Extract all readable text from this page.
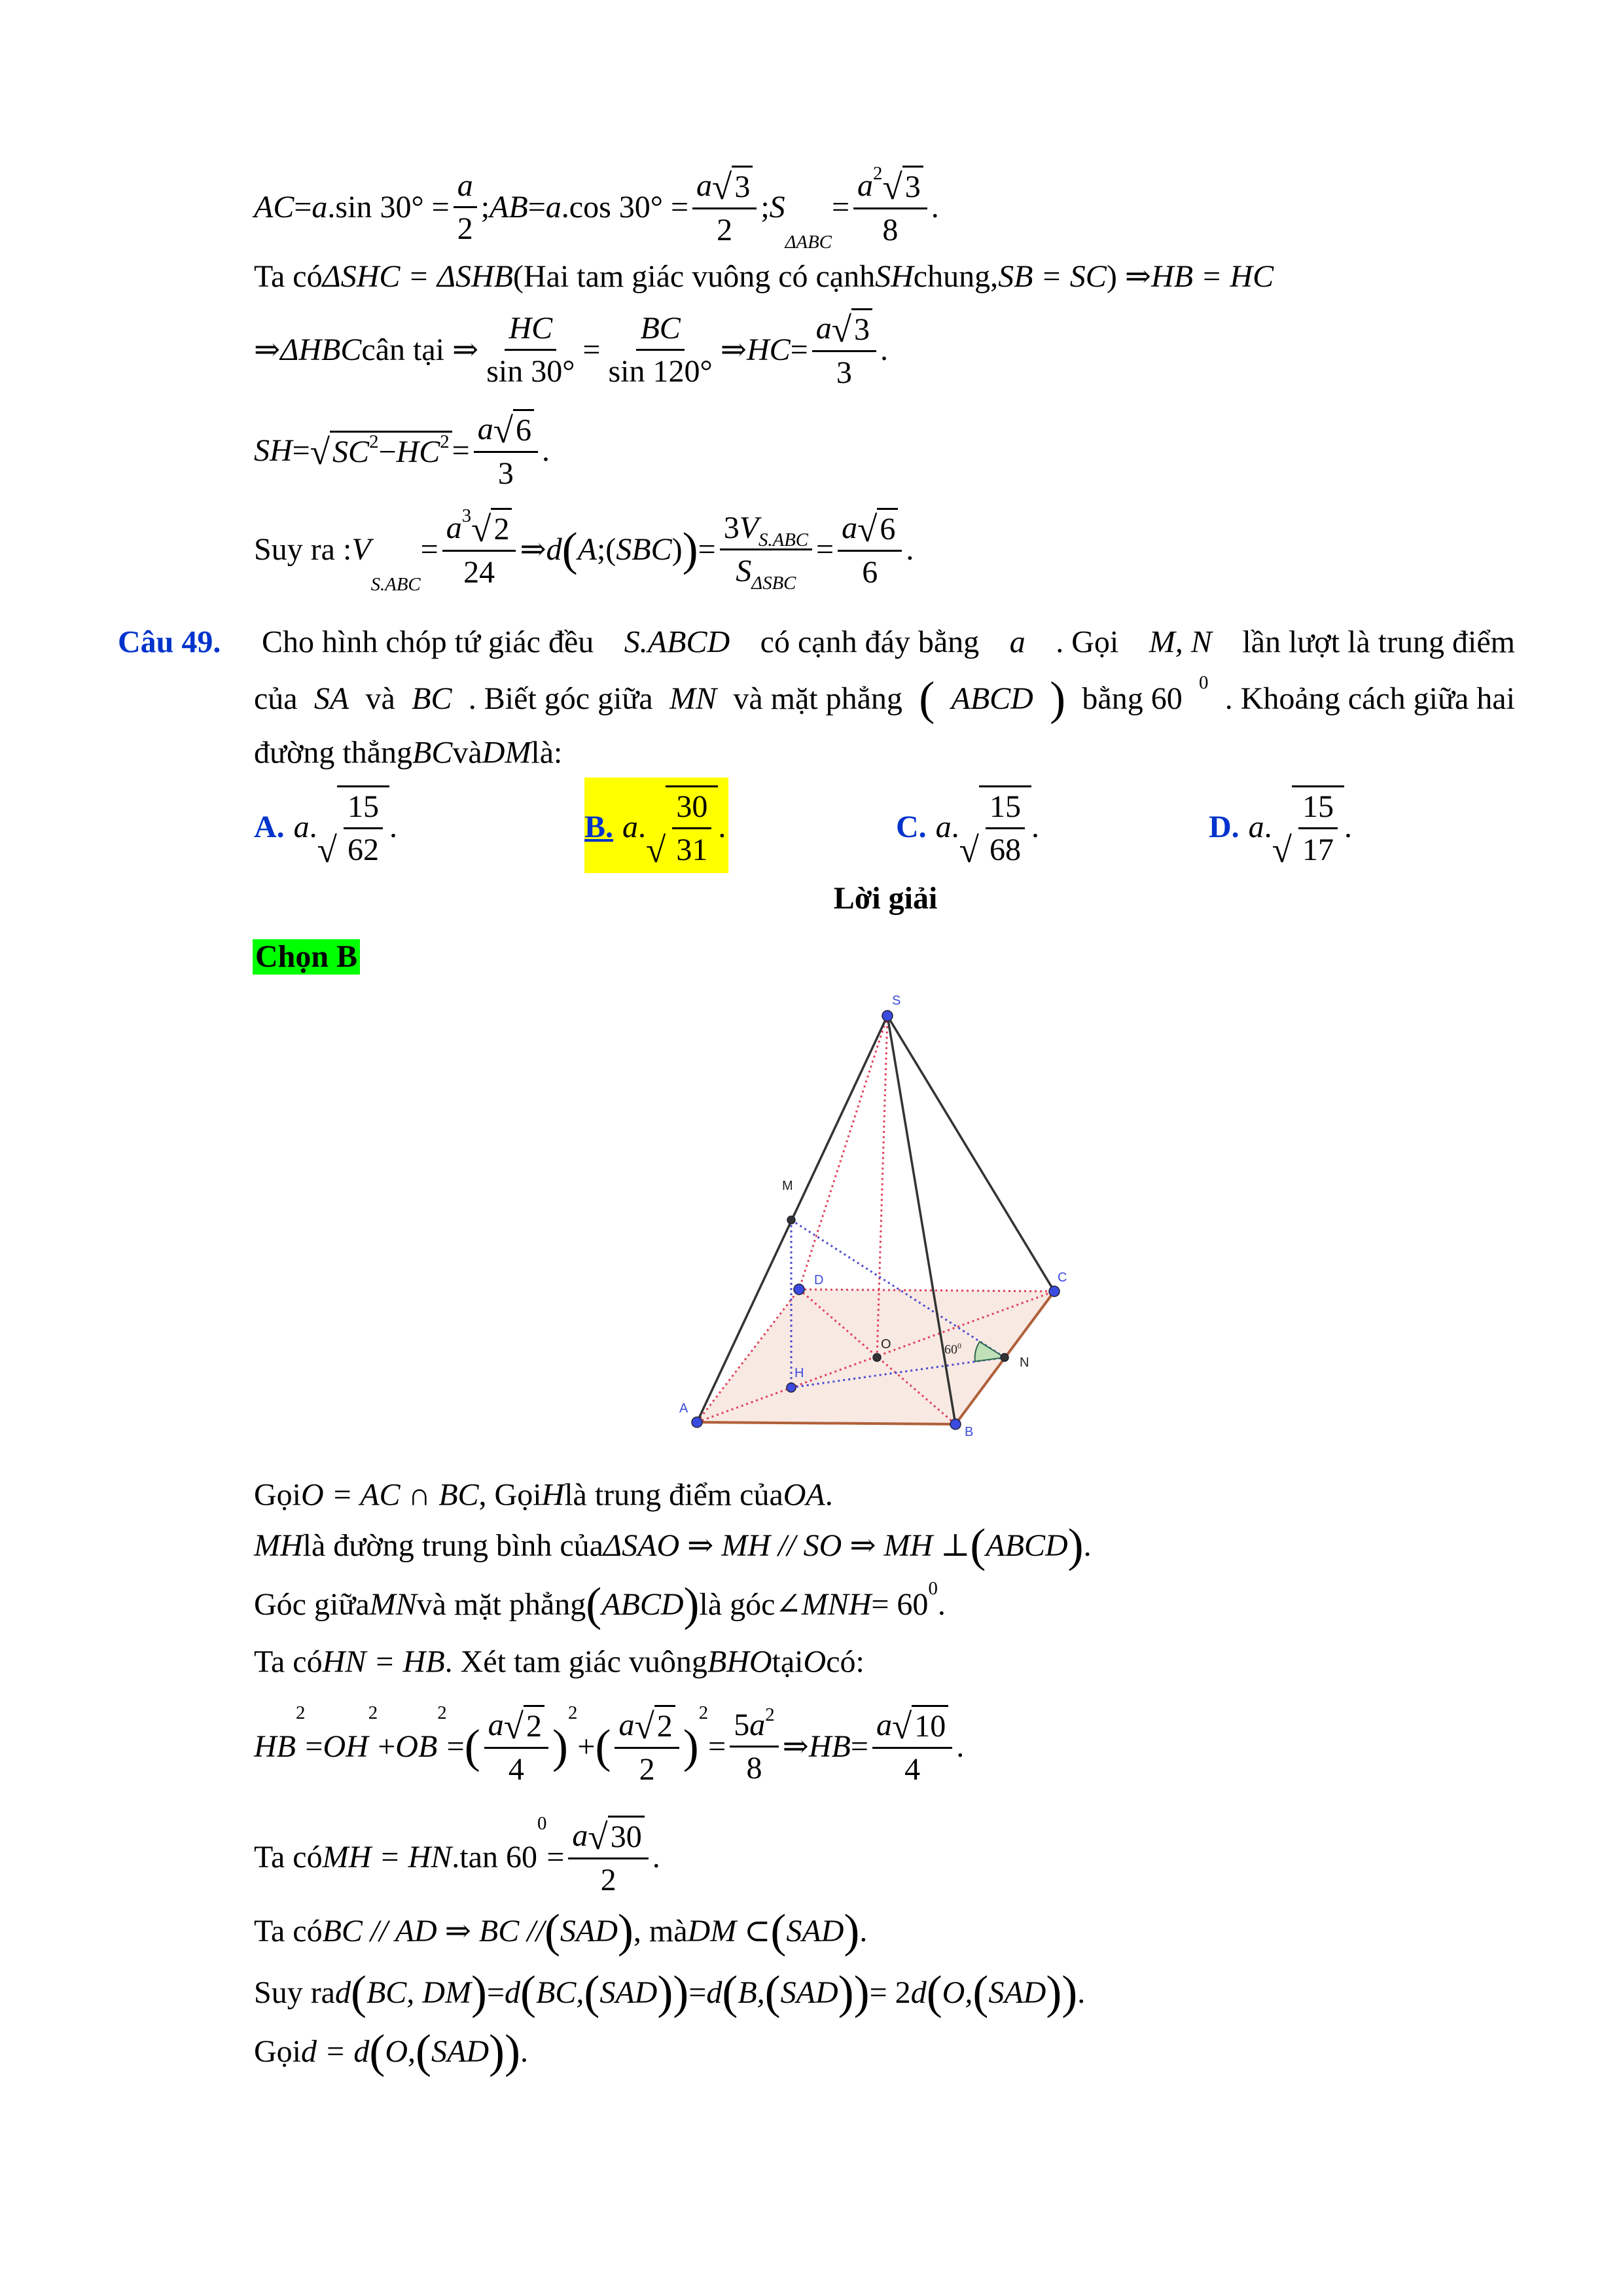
AC = a .sin $30^\circ = \frac{a}{2}$ ; AB = a .cos $30^\circ = \frac{a √ 3}{2}$ ; S
ΔABC
= $\frac{a 2 √ 3}{8}$ .
Ta có ΔSHC = ΔSHB (Hai tam giác vuông có cạnh SH chung, SB = SC ) ⇒ HB = HC
⇒ ΔHBC cân tại ⇒ $\frac{HC}{\sin 30^\circ} = \frac{BC}{\sin 120^\circ}$ ⇒ HC = $\frac{a √ 3}{3}$ .
SH = √ SC 2 − HC $2 = \frac{a √ 6}{3}$ .
Suy ra : V
S.ABC
= $\frac{a 3 √ 2}{24}$ ⇒ d ( A ;( SBC ) ) = $\frac{\text{3 V S.ABC}}{\text{S ΔSBC}} = \frac{a √ 6}{6}$ .
Câu 49. Cho hình chóp tứ giác đều S.ABCD có cạnh đáy bằng a . Gọi M, N lần lượt là trung điểm
của SA và BC . Biết góc giữa MN và mặt phẳng ( ABCD ) bằng 60 0 . Khoảng cách giữa hai
đường thẳng BC và DM là:
A. a .
√ $\frac{15}{62}$ .	B. a .
√ $\frac{30}{31}$ .	C. a .
√ $\frac{15}{68}$ .	D. a .
√ $\frac{15}{17}$ .
Lời giải
Chọn B
S
M
D	C
O
H
N
A
B
$60^0$
Gọi O = AC ∩ BC , Gọi H là trung điểm của OA .
MH là đường trung bình của ΔSAO ⇒ MH // SO ⇒ MH ⊥ ( ABCD ) .
Góc giữa MN và mặt phẳng ( ABCD ) là góc ∠MNH = 60 0 .
Ta có HN = HB . Xét tam giác vuông BHO tại O có:
HB
2
= OH
2
+ OB
2
= ( $\frac{a √ 2}{4}$ )
2
+ ( $\frac{a √ 2}{2}$ )
2
= $\frac{5 a 2}{8}$ ⇒ HB = $\frac{a √ 10}{4}$ .
Ta có MH = HN .tan 60
0
= $\frac{a √ 30}{2}$ .
Ta có BC // AD ⇒ BC // ( SAD ) , mà DM ⊂ ( SAD ) .
Suy ra d ( BC, DM ) = d ( BC, ( SAD ) ) = d ( B, ( SAD ) ) = 2 d ( O, ( SAD ) ) .
Gọi d = d ( O, ( SAD ) ) .
